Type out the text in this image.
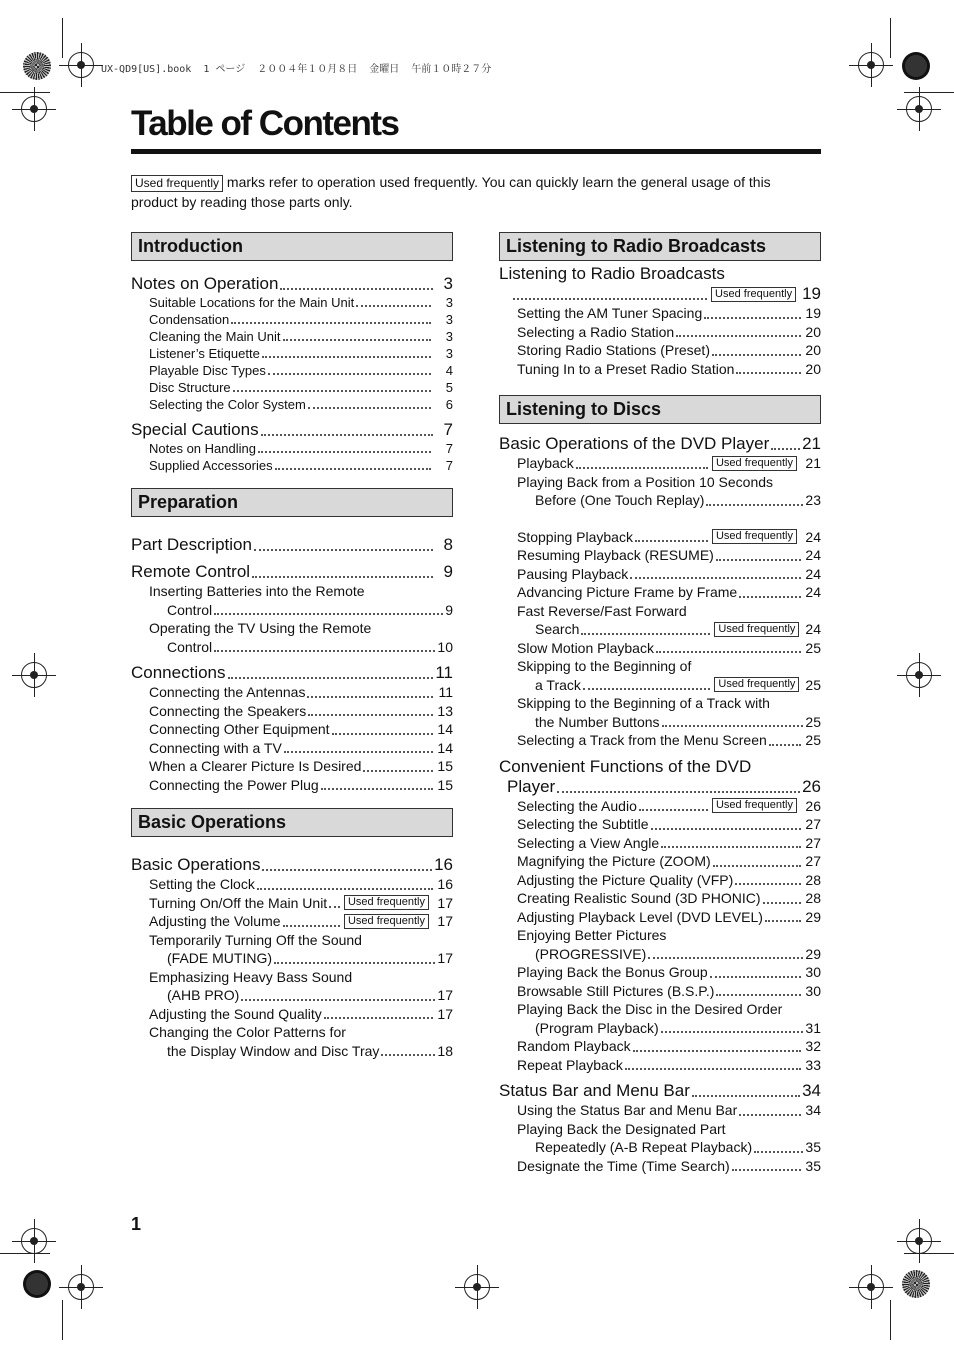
UX-QD9[US].book  1 ページ  ２００４年１０月８日  金曜日  午前１０時２７分
Table of Contents
Used frequently marks refer to operation used frequently. You can quickly learn the general usage of this product by reading those parts only.
Introduction
Notes on Operation	3
Suitable Locations for the Main Unit	3
Condensation	3
Cleaning the Main Unit	3
Listener’s Etiquette	3
Playable Disc Types	4
Disc Structure	5
Selecting the Color System	6
Special Cautions	7
Notes on Handling	7
Supplied Accessories	7
Preparation
Part Description	8
Remote Control	9
Inserting Batteries into the Remote
Control	9
Operating the TV Using the Remote
Control	10
Connections	11
Connecting the Antennas	11
Connecting the Speakers	13
Connecting Other Equipment	14
Connecting with a TV	14
When a Clearer Picture Is Desired	15
Connecting the Power Plug	15
Basic Operations
Basic Operations	16
Setting the Clock	16
Turning On/Off the Main Unit	Used frequently 17
Adjusting the Volume	Used frequently 17
Temporarily Turning Off the Sound
(FADE MUTING)	17
Emphasizing Heavy Bass Sound
(AHB PRO)	17
Adjusting the Sound Quality	17
Changing the Color Patterns for
the Display Window and Disc Tray	18
Listening to Radio Broadcasts
Listening to Radio Broadcasts
Used frequently 19
Setting the AM Tuner Spacing	19
Selecting a Radio Station	20
Storing Radio Stations (Preset)	20
Tuning In to a Preset Radio Station	20
Listening to Discs
Basic Operations of the DVD Player 21
Playback	Used frequently 21
Playing Back from a Position 10 Seconds
Before (One Touch Replay)	23
Stopping Playback	Used frequently 24
Resuming Playback (RESUME)	24
Pausing Playback	24
Advancing Picture Frame by Frame	24
Fast Reverse/Fast Forward
Search	Used frequently 24
Slow Motion Playback	25
Skipping to the Beginning of
a Track	Used frequently 25
Skipping to the Beginning of a Track with
the Number Buttons	25
Selecting a Track from the Menu Screen	25
Convenient Functions of the DVD
Player	26
Selecting the Audio	Used frequently 26
Selecting the Subtitle	27
Selecting a View Angle	27
Magnifying the Picture (ZOOM)	27
Adjusting the Picture Quality (VFP)	28
Creating Realistic Sound (3D PHONIC)	28
Adjusting Playback Level (DVD LEVEL)	29
Enjoying Better Pictures
(PROGRESSIVE)	29
Playing Back the Bonus Group	30
Browsable Still Pictures (B.S.P.)	30
Playing Back the Disc in the Desired Order
(Program Playback)	31
Random Playback	32
Repeat Playback	33
Status Bar and Menu Bar	34
Using the Status Bar and Menu Bar	34
Playing Back the Designated Part
Repeatedly (A-B Repeat Playback)	35
Designate the Time (Time Search)	35
1
